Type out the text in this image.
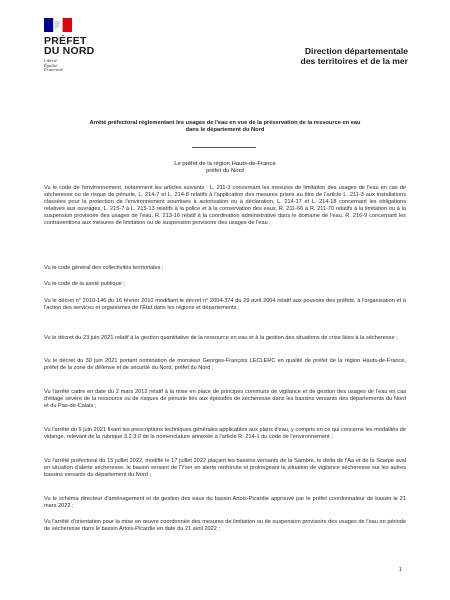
PRÉFET
DU NORD
Liberté
Égalité
Fraternité
Direction départementale
des territoires et de la mer
Arrêté préfectoral réglementant les usages de l'eau en vue de la préservation de la ressource en eau
dans le département du Nord
Le préfet de la région Hauts-de-France
préfet du Nord
Vu le code de l'environnement, notamment les articles suivants : L. 211-3 concernant les mesures de limitation des usages de l'eau en cas de sécheresse ou de risque de pénurie, L. 214-7 et L. 214-8 relatifs à l'application des mesures prises au titre de l'article L. 211-3 aux installations classées pour la protection de l'environnement soumises à autorisation ou à déclaration, L. 214-17 et L. 214-18 concernant les obligations relatives aux ouvrages, L. 215-7 à L. 215-13 relatifs à la police et à la conservation des eaux, R. 211-66 à R. 211-70 relatifs à la limitation ou à la suspension provisoire des usages de l'eau, R. 213-16 relatif à la coordination administrative dans le domaine de l'eau, R. 216-9 concernant les contraventions aux mesures de limitation ou de suspension provisoire des usages de l'eau ;
Vu le code général des collectivités territoriales ;
Vu le code de la santé publique ;
Vu le décret n° 2010-146 du 16 février 2010 modifiant le décret n° 2004-374 du 29 avril 2004 relatif aux pouvoirs des préfets, à l'organisation et à l'action des services et organismes de l'État dans les régions et départements ;
Vu le décret du 23 juin 2021 relatif à la gestion quantitative de la ressource en eau et à la gestion des situations de crise liées à la sécheresse ;
Vu le décret du 30 juin 2021 portant nomination de monsieur Georges-François LECLERC en qualité de préfet de la région Hauts-de-France, préfet de la zone de défense et de sécurité du Nord, préfet du Nord ;
Vu l'arrêté cadre en date du 2 mars 2012 relatif à la mise en place de principes communs de vigilance et de gestion des usages de l'eau en cas d'étiage sévère de la ressource ou de risques de pénurie liés aux épisodes de sécheresse dans les bassins versants des départements du Nord et du Pas-de-Calais ;
Vu l'arrêté du 9 juin 2021 fixant les prescriptions techniques générales applicables aux plans d'eau, y compris en ce qui concerne les modalités de vidange, relevant de la rubrique 3.2.3.0 de la nomenclature annexée à l'article R. 214-1 du code de l'environnement ;
Vu l'arrêté préfectoral du 15 juillet 2022, modifié le 17 juillet 2022 plaçant les bassins versants de la Sambre, le delta de l'Aa et de la Scarpe aval en situation d'alerte sécheresse, le bassin versant de l'Yser en alerte renforcée et prolongeant la situation de vigilance sécheresse sur les autres bassins versants du département du Nord ;
Vu le schéma directeur d'aménagement et de gestion des eaux du bassin Artois-Picardie approuvé par le préfet coordonnateur de bassin le 21 mars 2022 ;
Vu l'arrêté d'orientation pour la mise en œuvre coordonnée des mesures de limitation ou de suspension provisoire des usages de l'eau en période de sécheresse dans le bassin Artois-Picardie en date du 21 avril 2022 ;
1
